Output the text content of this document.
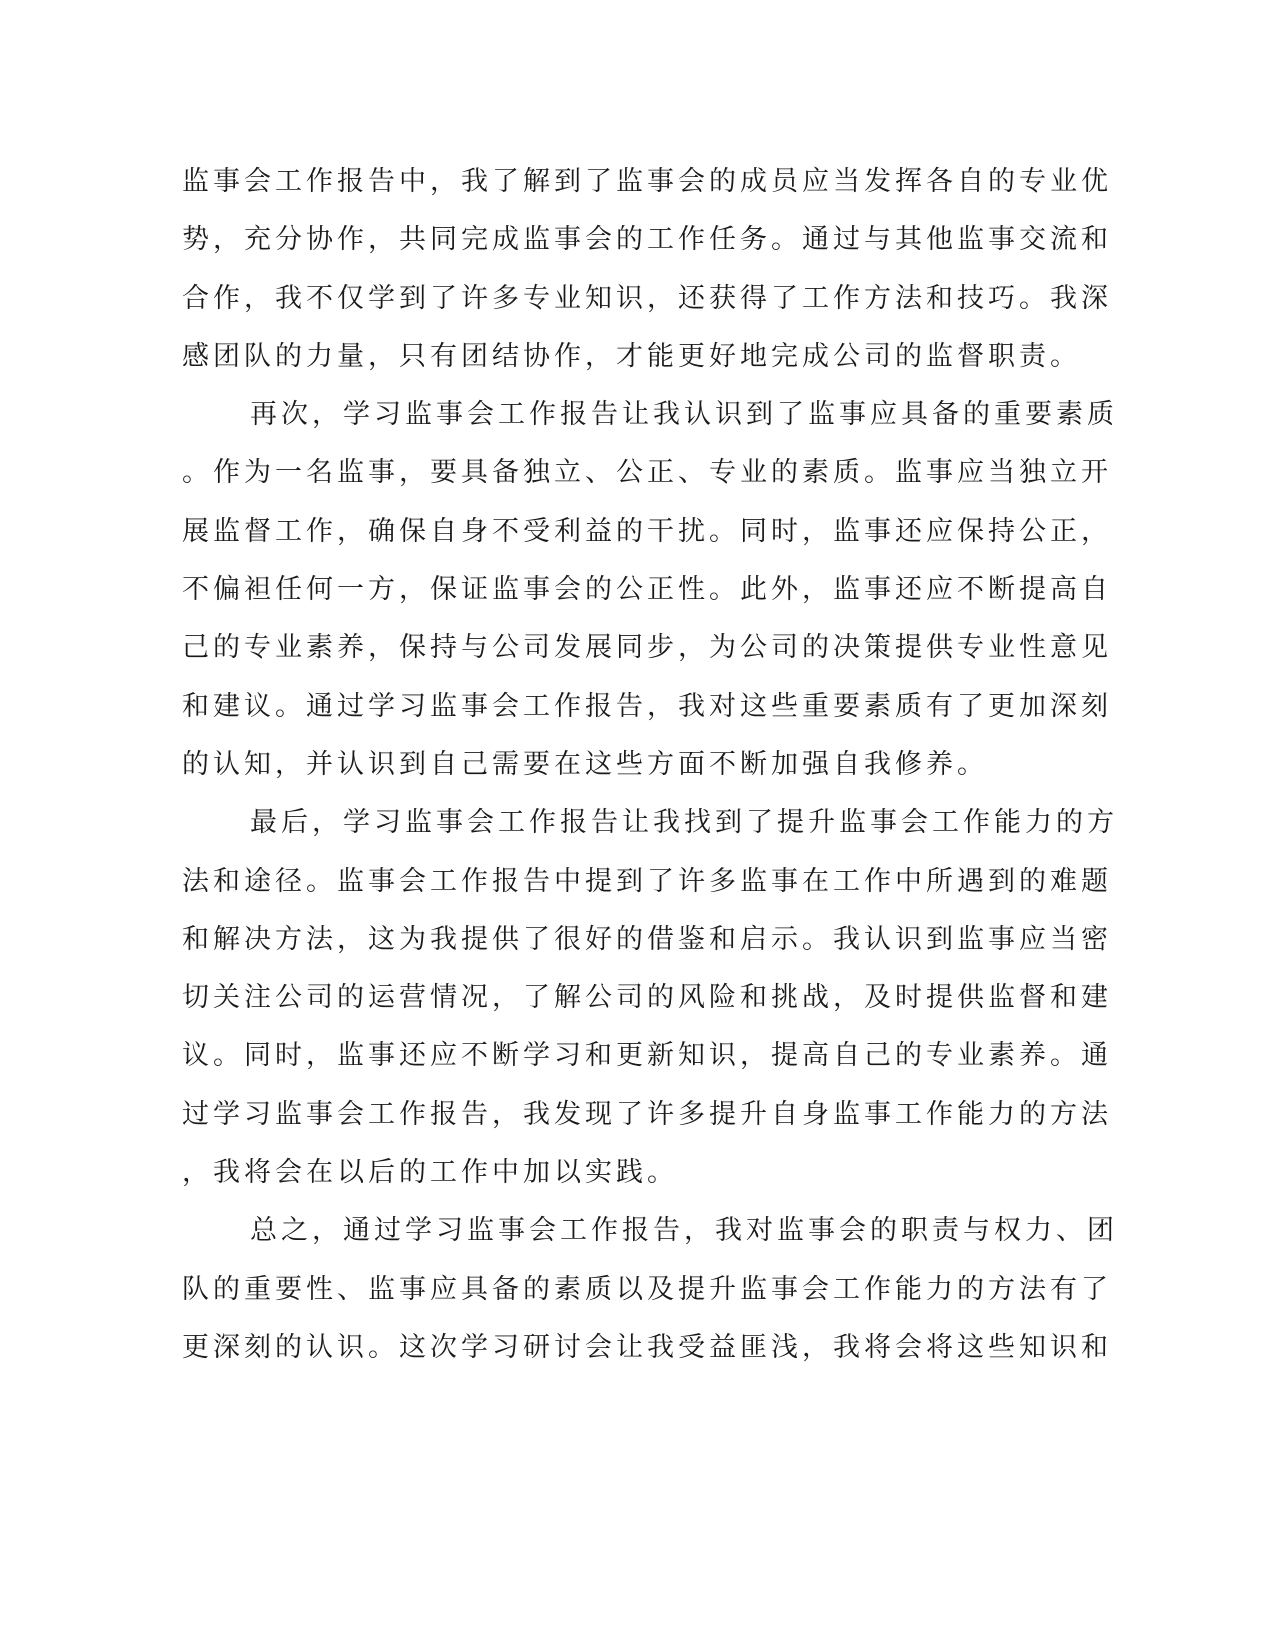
监事会工作报告中，我了解到了监事会的成员应当发挥各自的专业优
势，充分协作，共同完成监事会的工作任务。通过与其他监事交流和
合作，我不仅学到了许多专业知识，还获得了工作方法和技巧。我深
感团队的力量，只有团结协作，才能更好地完成公司的监督职责。
再次，学习监事会工作报告让我认识到了监事应具备的重要素质
。作为一名监事，要具备独立、公正、专业的素质。监事应当独立开
展监督工作，确保自身不受利益的干扰。同时，监事还应保持公正，
不偏袒任何一方，保证监事会的公正性。此外，监事还应不断提高自
己的专业素养，保持与公司发展同步，为公司的决策提供专业性意见
和建议。通过学习监事会工作报告，我对这些重要素质有了更加深刻
的认知，并认识到自己需要在这些方面不断加强自我修养。
最后，学习监事会工作报告让我找到了提升监事会工作能力的方
法和途径。监事会工作报告中提到了许多监事在工作中所遇到的难题
和解决方法，这为我提供了很好的借鉴和启示。我认识到监事应当密
切关注公司的运营情况，了解公司的风险和挑战，及时提供监督和建
议。同时，监事还应不断学习和更新知识，提高自己的专业素养。通
过学习监事会工作报告，我发现了许多提升自身监事工作能力的方法
，我将会在以后的工作中加以实践。
总之，通过学习监事会工作报告，我对监事会的职责与权力、团
队的重要性、监事应具备的素质以及提升监事会工作能力的方法有了
更深刻的认识。这次学习研讨会让我受益匪浅，我将会将这些知识和
